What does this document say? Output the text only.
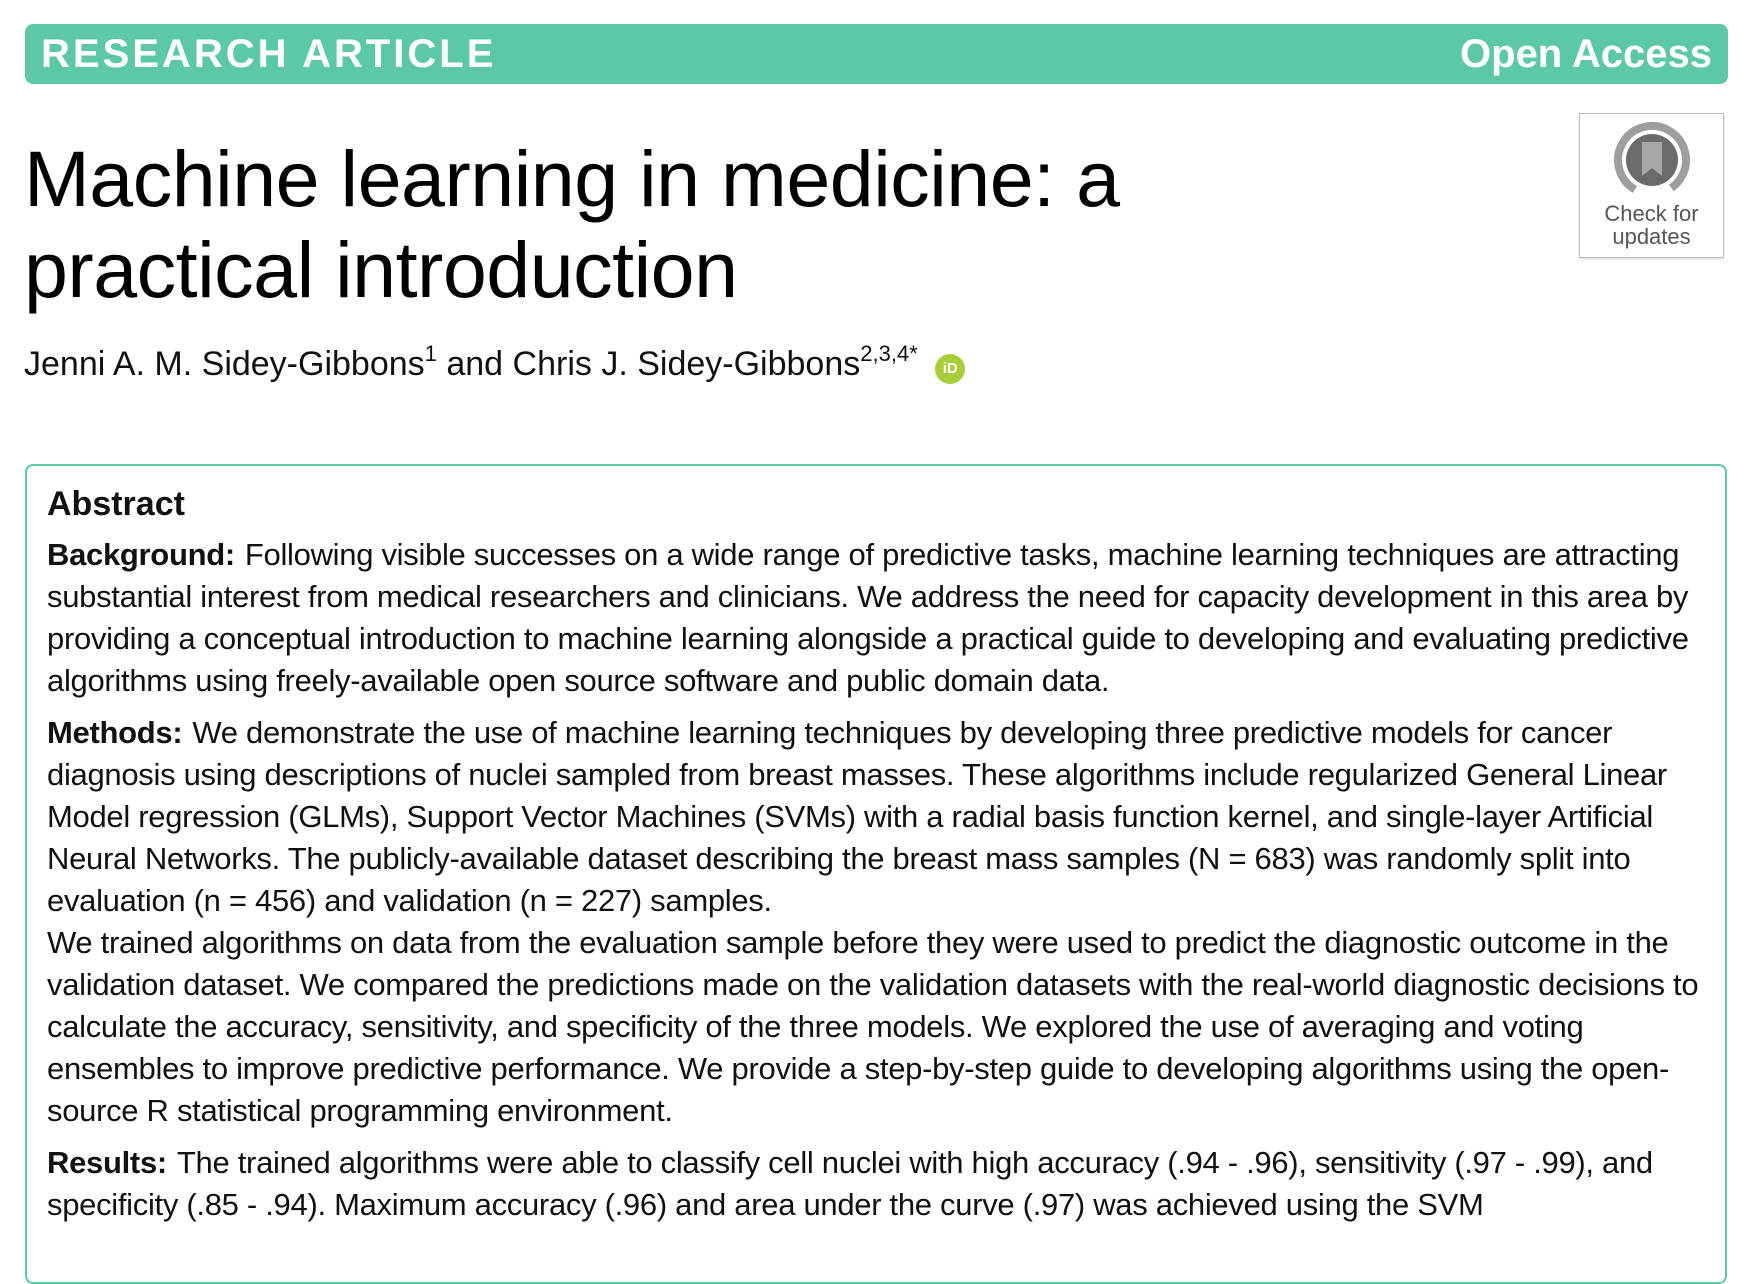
RESEARCH ARTICLE	Open Access
Machine learning in medicine: a
practical introduction
Check for
updates
Jenni A. M. Sidey-Gibbons$^1$ and Chris J. Sidey-Gibbons$^{2,3,4*}$ iD
Abstract
Background: Following visible successes on a wide range of predictive tasks, machine learning techniques are attracting substantial interest from medical researchers and clinicians. We address the need for capacity development in this area by providing a conceptual introduction to machine learning alongside a practical guide to developing and evaluating predictive algorithms using freely-available open source software and public domain data.
Methods: We demonstrate the use of machine learning techniques by developing three predictive models for cancer diagnosis using descriptions of nuclei sampled from breast masses. These algorithms include regularized General Linear Model regression (GLMs), Support Vector Machines (SVMs) with a radial basis function kernel, and single-layer Artificial Neural Networks. The publicly-available dataset describing the breast mass samples (N = 683) was randomly split into evaluation (n = 456) and validation (n = 227) samples.
We trained algorithms on data from the evaluation sample before they were used to predict the diagnostic outcome in the validation dataset. We compared the predictions made on the validation datasets with the real-world diagnostic decisions to calculate the accuracy, sensitivity, and specificity of the three models. We explored the use of averaging and voting ensembles to improve predictive performance. We provide a step-by-step guide to developing algorithms using the open-source R statistical programming environment.
Results: The trained algorithms were able to classify cell nuclei with high accuracy (.94 - .96), sensitivity (.97 - .99), and specificity (.85 - .94). Maximum accuracy (.96) and area under the curve (.97) was achieved using the SVM
